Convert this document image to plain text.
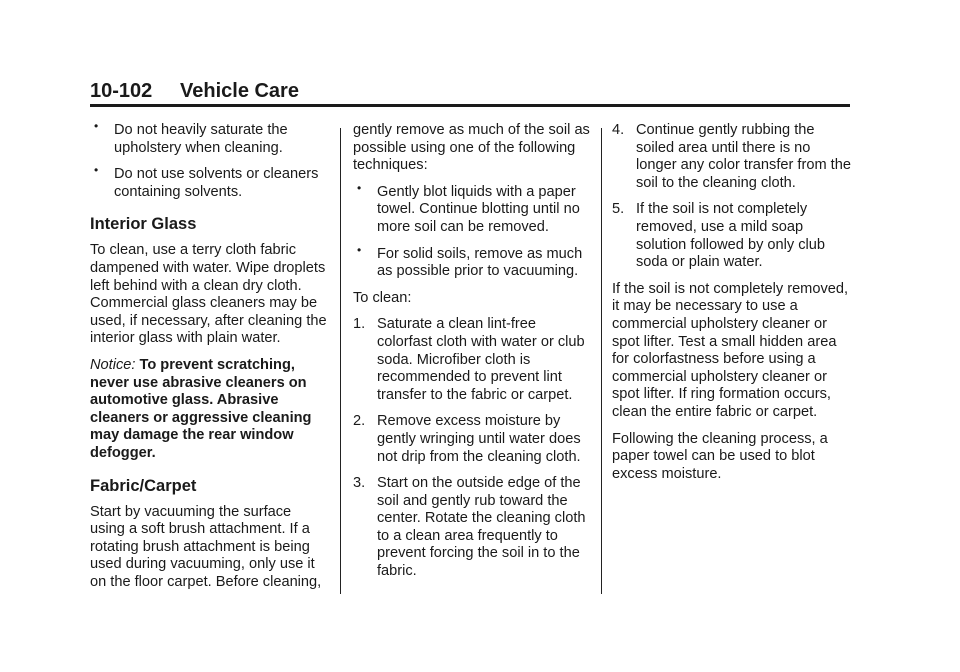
10-102 Vehicle Care
• Do not heavily saturate the upholstery when cleaning.
• Do not use solvents or cleaners containing solvents.
Interior Glass

To clean, use a terry cloth fabric dampened with water. Wipe droplets left behind with a clean dry cloth. Commercial glass cleaners may be used, if necessary, after cleaning the interior glass with plain water.

Notice: To prevent scratching, never use abrasive cleaners on automotive glass. Abrasive cleaners or aggressive cleaning may damage the rear window defogger.

Fabric/Carpet

Start by vacuuming the surface using a soft brush attachment. If a rotating brush attachment is being used during vacuuming, only use it on the floor carpet. Before cleaning,

gently remove as much of the soil as possible using one of the following techniques:

• Gently blot liquids with a paper towel. Continue blotting until no more soil can be removed.
• For solid soils, remove as much as possible prior to vacuuming.

To clean:

1. Saturate a clean lint-free colorfast cloth with water or club soda. Microfiber cloth is recommended to prevent lint transfer to the fabric or carpet.
2. Remove excess moisture by gently wringing until water does not drip from the cleaning cloth.
3. Start on the outside edge of the soil and gently rub toward the center. Rotate the cleaning cloth to a clean area frequently to prevent forcing the soil in to the fabric.
4. Continue gently rubbing the soiled area until there is no longer any color transfer from the soil to the cleaning cloth.
5. If the soil is not completely removed, use a mild soap solution followed by only club soda or plain water.

If the soil is not completely removed, it may be necessary to use a commercial upholstery cleaner or spot lifter. Test a small hidden area for colorfastness before using a commercial upholstery cleaner or spot lifter. If ring formation occurs, clean the entire fabric or carpet.

Following the cleaning process, a paper towel can be used to blot excess moisture.
